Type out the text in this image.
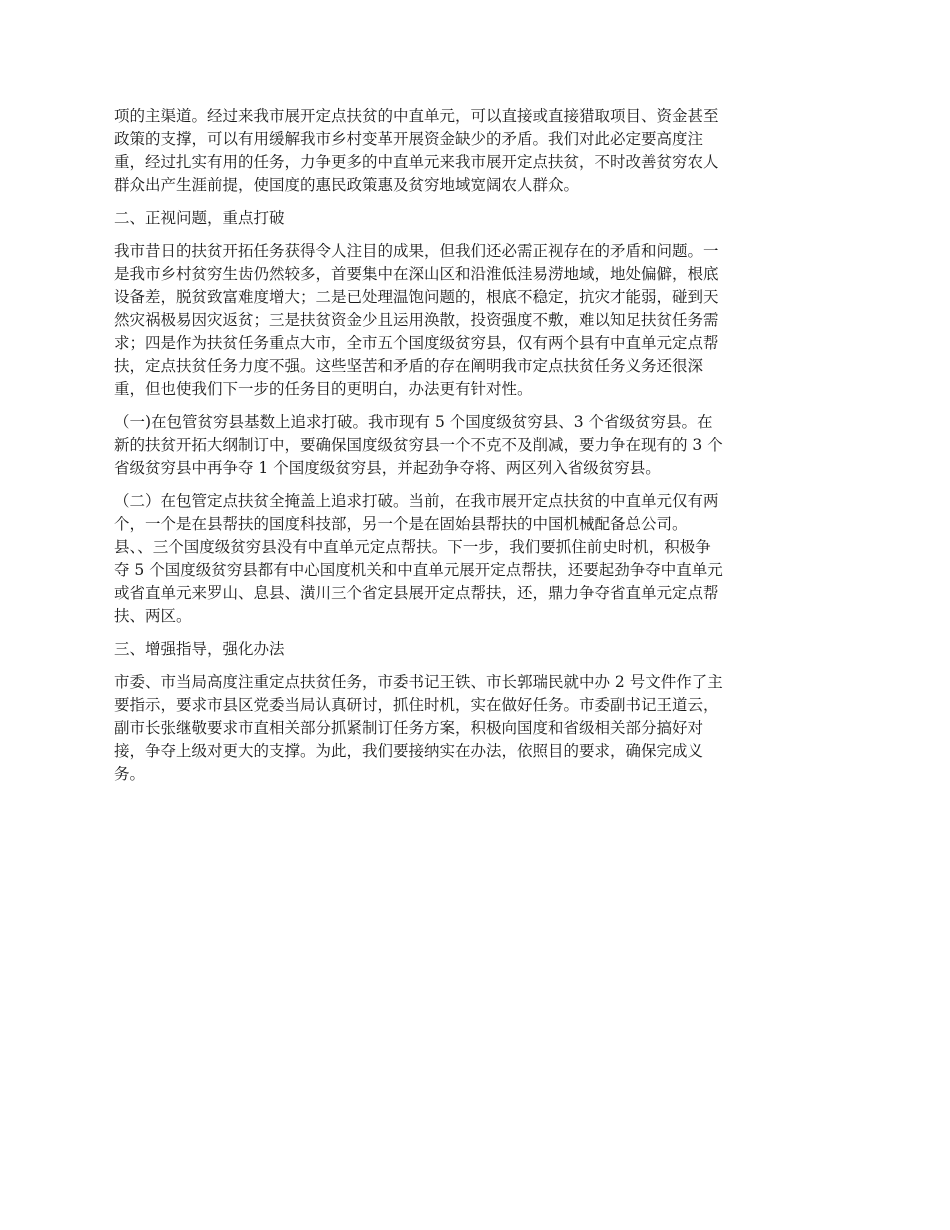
项的主渠道。经过来我市展开定点扶贫的中直单元，可以直接或直接猎取项目、资金甚至
政策的支撑，可以有用缓解我市乡村变革开展资金缺少的矛盾。我们对此必定要高度注
重，经过扎实有用的任务，力争更多的中直单元来我市展开定点扶贫，不时改善贫穷农人
群众出产生涯前提，使国度的惠民政策惠及贫穷地域宽阔农人群众。
二、正视问题，重点打破
我市昔日的扶贫开拓任务获得令人注目的成果，但我们还必需正视存在的矛盾和问题。一
是我市乡村贫穷生齿仍然较多，首要集中在深山区和沿淮低洼易涝地域，地处偏僻，根底
设备差，脱贫致富难度增大；二是已处理温饱问题的，根底不稳定，抗灾才能弱，碰到天
然灾祸极易因灾返贫；三是扶贫资金少且运用涣散，投资强度不敷，难以知足扶贫任务需
求；四是作为扶贫任务重点大市，全市五个国度级贫穷县，仅有两个县有中直单元定点帮
扶，定点扶贫任务力度不强。这些坚苦和矛盾的存在阐明我市定点扶贫任务义务还很深
重，但也使我们下一步的任务目的更明白，办法更有针对性。
（一)在包管贫穷县基数上追求打破。我市现有 5 个国度级贫穷县、3 个省级贫穷县。在
新的扶贫开拓大纲制订中，要确保国度级贫穷县一个不克不及削减，要力争在现有的 3 个
省级贫穷县中再争夺 1 个国度级贫穷县，并起劲争夺将、两区列入省级贫穷县。
（二）在包管定点扶贫全掩盖上追求打破。当前，在我市展开定点扶贫的中直单元仅有两
个，一个是在县帮扶的国度科技部，另一个是在固始县帮扶的中国机械配备总公司。
县、、三个国度级贫穷县没有中直单元定点帮扶。下一步，我们要抓住前史时机，积极争
夺 5 个国度级贫穷县都有中心国度机关和中直单元展开定点帮扶，还要起劲争夺中直单元
或省直单元来罗山、息县、潢川三个省定县展开定点帮扶，还，鼎力争夺省直单元定点帮
扶、两区。
三、增强指导，强化办法
市委、市当局高度注重定点扶贫任务，市委书记王铁、市长郭瑞民就中办 2 号文件作了主
要指示，要求市县区党委当局认真研讨，抓住时机，实在做好任务。市委副书记王道云，
副市长张继敬要求市直相关部分抓紧制订任务方案，积极向国度和省级相关部分搞好对
接，争夺上级对更大的支撑。为此，我们要接纳实在办法，依照目的要求，确保完成义
务。
